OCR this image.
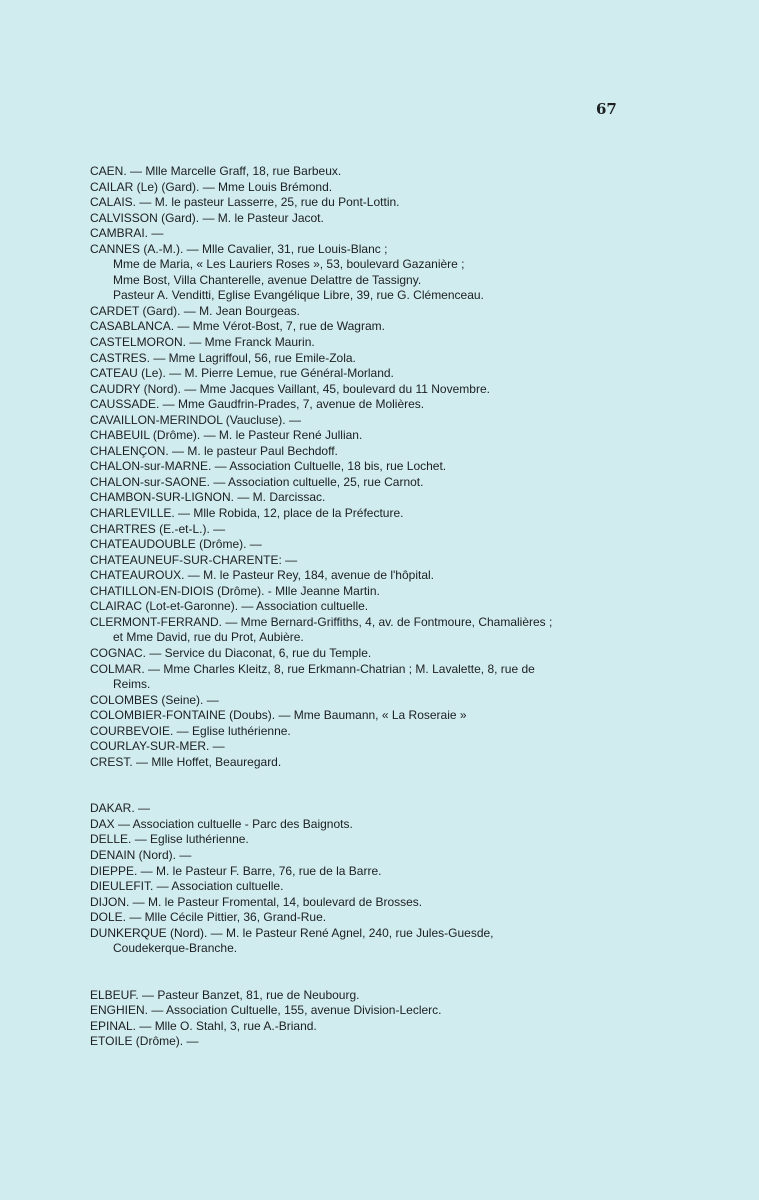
67
CAEN. — Mlle Marcelle Graff, 18, rue Barbeux.
CAILAR (Le) (Gard). — Mme Louis Brémond.
CALAIS. — M. le pasteur Lasserre, 25, rue du Pont-Lottin.
CALVISSON (Gard). — M. le Pasteur Jacot.
CAMBRAI. —
CANNES (A.-M.). — Mlle Cavalier, 31, rue Louis-Blanc ;
Mme de Maria, « Les Lauriers Roses », 53, boulevard Gazanière ;
Mme Bost, Villa Chanterelle, avenue Delattre de Tassigny.
Pasteur A. Venditti, Eglise Evangélique Libre, 39, rue G. Clémenceau.
CARDET (Gard). — M. Jean Bourgeas.
CASABLANCA. — Mme Vérot-Bost, 7, rue de Wagram.
CASTELMORON. — Mme Franck Maurin.
CASTRES. — Mme Lagriffoul, 56, rue Emile-Zola.
CATEAU (Le). — M. Pierre Lemue, rue Général-Morland.
CAUDRY (Nord). — Mme Jacques Vaillant, 45, boulevard du 11 Novembre.
CAUSSADE. — Mme Gaudfrin-Prades, 7, avenue de Molières.
CAVAILLON-MERINDOL (Vaucluse). —
CHABEUIL (Drôme). — M. le Pasteur René Jullian.
CHALENÇON. — M. le pasteur Paul Bechdoff.
CHALON-sur-MARNE. — Association Cultuelle, 18 bis, rue Lochet.
CHALON-sur-SAONE. — Association cultuelle, 25, rue Carnot.
CHAMBON-SUR-LIGNON. — M. Darcissac.
CHARLEVILLE. — Mlle Robida, 12, place de la Préfecture.
CHARTRES (E.-et-L.). —
CHATEAUDOUBLE (Drôme). —
CHATEAUNEUF-SUR-CHARENTE: —
CHATEAUROUX. — M. le Pasteur Rey, 184, avenue de l'hôpital.
CHATILLON-EN-DIOIS (Drôme). - Mlle Jeanne Martin.
CLAIRAC (Lot-et-Garonne). — Association cultuelle.
CLERMONT-FERRAND. — Mme Bernard-Griffiths, 4, av. de Fontmoure, Chamalières ;
et Mme David, rue du Prot, Aubière.
COGNAC. — Service du Diaconat, 6, rue du Temple.
COLMAR. — Mme Charles Kleitz, 8, rue Erkmann-Chatrian ; M. Lavalette, 8, rue de
Reims.
COLOMBES (Seine). —
COLOMBIER-FONTAINE (Doubs). — Mme Baumann, « La Roseraie »
COURBEVOIE. — Eglise luthérienne.
COURLAY-SUR-MER. —
CREST. — Mlle Hoffet, Beauregard.
DAKAR. —
DAX — Association cultuelle - Parc des Baignots.
DELLE. — Eglise luthérienne.
DENAIN (Nord). —
DIEPPE. — M. le Pasteur F. Barre, 76, rue de la Barre.
DIEULEFIT. — Association cultuelle.
DIJON. — M. le Pasteur Fromental, 14, boulevard de Brosses.
DOLE. — Mlle Cécile Pittier, 36, Grand-Rue.
DUNKERQUE (Nord). — M. le Pasteur René Agnel, 240, rue Jules-Guesde,
Coudekerque-Branche.
ELBEUF. — Pasteur Banzet, 81, rue de Neubourg.
ENGHIEN. — Association Cultuelle, 155, avenue Division-Leclerc.
EPINAL. — Mlle O. Stahl, 3, rue A.-Briand.
ETOILE (Drôme). —
